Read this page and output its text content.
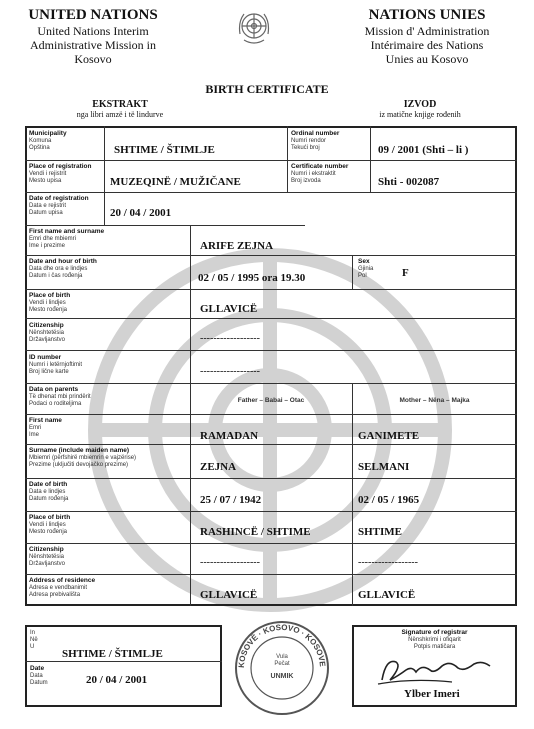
UNITED NATIONS
United Nations Interim
Administrative Mission in
Kosovo
NATIONS UNIES
Mission d' Administration
Intérimaire des Nations
Unies au Kosovo
BIRTH CERTIFICATE
EKSTRAKT
nga libri amzë i të lindurve
IZVOD
iz matične knjige rođenih
Municipality
Komuna
Opština	SHTIME / ŠTIMLJE
Ordinal number
Numri rendor
Tekući broj	09 / 2001 (Shti – li )
Place of registration
Vendi i rejistrit
Mesto upisa	MUZEQINË / MUŽIČANE
Certificate number
Numri i ekstraktit
Broj izvoda	Shti - 002087
Date of registration
Data e rejistrit
Datum upisa	20 / 04 / 2001
First name and surname
Emri dhe mbiemri
Ime i prezime	ARIFE ZEJNA
Date and hour of birth
Data dhe ora e lindjes
Datum i čas rođenja	02 / 05 / 1995 ora 19.30
Sex
Gjinia
Pol	F
Place of birth
Vendi i lindjes
Mesto rođenja	GLLAVICË
Citizenship
Nënshtetësia
Državljanstvo	------------------
ID number
Numri i letërnjoftimit
Broj lične karte	------------------
Data on parents
Të dhenat mbi prindërit
Podaci o roditeljima	Father – Babai – Otac	Mother – Nëna – Majka
First name
Emri
Ime	RAMADAN	GANIMETE
Surname (include maiden name)
Mbiemri (përfshirë mbiemrin e vajzërise)
Prezime (uključiti devojačko prezime)	ZEJNA	SELMANI
Date of birth
Data e lindjes
Datum rođenja	25 / 07 / 1942	02 / 05 / 1965
Place of birth
Vendi i lindjes
Mesto rođenja	RASHINCË / SHTIME	SHTIME
Citizenship
Nënshtetësia
Državljanstvo	------------------	------------------
Address of residence
Adresa e vendbanimit
Adresa prebivališta	GLLAVICË	GLLAVICË
In
Në
U
SHTIME / ŠTIMLJE
Date
Data
Datum	20 / 04 / 2001
KOSOVË · KOSOVO · KOSOVE
Vula
Pečat
UNMIK
Signature of registrar
Nënshkrimi i ofiqarit
Potpis matičara
Ylber Imeri
